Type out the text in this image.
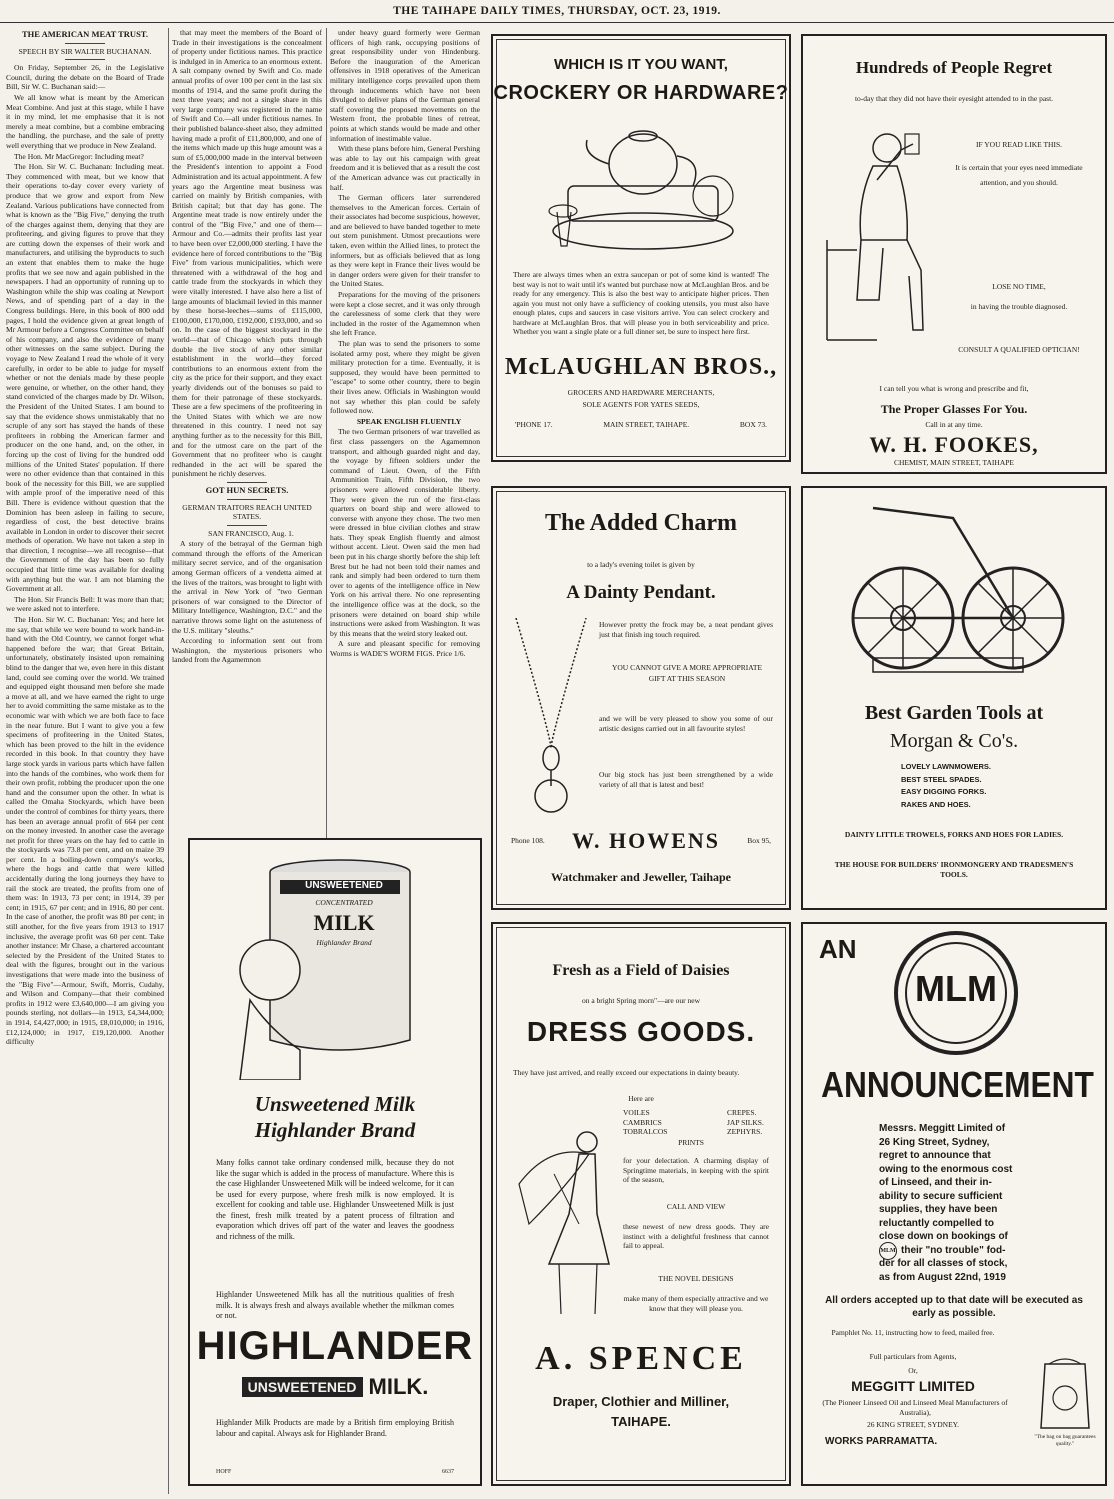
THE TAIHAPE DAILY TIMES, THURSDAY, OCT. 23, 1919.
THE AMERICAN MEAT TRUST.
SPEECH BY SIR WALTER BUCHANAN.

On Friday, September 26, in the Legislative Council, during the debate on the Board of Trade Bill, Sir W. C. Buchanan said:—

We all know what is meant by the American Meat Combine. And just at this stage, while I have it in my mind, let me emphasise that it is not merely a meat combine, but a combine embracing the handling, the purchase, and the sale of pretty well everything that we produce in New Zealand.

The Hon. Mr MacGregor: Including meat?

The Hon. Sir W. C. Buchanan: Including meat. They commenced with meat, but we know that their operations to-day cover every variety of produce that we grow and export from New Zealand. Various publications have connected from what is known as the "Big Five," denying the truth of the charges against them, denying that they are profiteering, and giving figures to prove that they are cutting down the expenses of their work and manufacturers, and utilising the byproducts to such an extent that enables them to make the huge profits that we see now and again published in the newspapers. I had an opportunity of running up to Washington while the ship was coaling at Newport News, and of spending part of a day in the Congress buildings. Here, in this book of 800 odd pages, I hold the evidence given at great length of Mr Armour before a Congress Committee on behalf of his company, and also the evidence of many other witnesses on the same subject. During the voyage to New Zealand I read the whole of it very carefully, in order to be able to judge for myself whether or not the denials made by these people were genuine, or whether, on the other hand, they stand convicted of the charges made by Dr. Wilson, the President of the United States. I am bound to say that the evidence shows unmistakably that no scruple of any sort has stayed the hands of these profiteers in robbing the American farmer and producer on the one hand, and, on the other, in forcing up the cost of living for the hundred odd millions of the United States' population. If there were no other evidence than that contained in this book of the necessity for this Bill, we are supplied with ample proof of the imperative need of this Bill. There is evidence without question that the Dominion has been asleep in failing to secure, regardless of cost, the best detective brains available in London in order to discover their secret methods of operation. We have not taken a step in that direction, I recognise—we all recognise—that the Government of the day has been so fully occupied that little time was available for dealing with anything but the war. I am not blaming the Government at all.

The Hon. Sir Francis Bell: It was more than that; we were asked not to interfere.

The Hon. Sir W. C. Buchanan: Yes; and here let me say, that while we were bound to work hand-in-hand with the Old Country, we cannot forget what happened before the war; that Great Britain, unfortunately, obstinately insisted upon remaining blind to the danger that we, even here in this distant land, could see coming over the world. We trained and equipped eight thousand men before she made a move at all, and we have earned the right to urge her to avoid committing the same mistake as to the economic war with which we are both face to face in the near future. But I want to give you a few specimens of profiteering in the United States, which has been proved to the hilt in the evidence recorded in this book. In that country they have large stock yards in various parts which have fallen into the hands of the combines, who work them for their own profit, robbing the producer upon the one hand and the consumer upon the other. In what is called the Omaha Stockyards, which have been under the control of combines for thirty years, there has been an average annual profit of 664 per cent on the money invested. In another case the average net profit for three years on the hay fed to cattle in the stockyards was 73.8 per cent, and on maize 39 per cent. In a boiling-down company's works, where the hogs and cattle that were killed accidentally during the long journeys they have to rail the stock are treated, the profits from one of them was: In 1913, 73 per cent; in 1914, 39 per cent; in 1915, 67 per cent; and in 1916, 80 per cent. In the case of another, the profit was 80 per cent; in still another, for the five years from 1913 to 1917 inclusive, the average profit was 60 per cent. Take another instance: Mr Chase, a chartered accountant selected by the President of the United States to deal with the figures, brought out in the various investigations that were made into the business of the "Big Five"—Armour, Swift, Morris, Cudahy, and Wilson and Company—that their combined profits in 1912 were £3,640,000—I am giving you pounds sterling, not dollars—in 1913, £4,344,000; in 1914, £4,427,000; in 1915, £8,010,000; in 1916, £12,124,000; in 1917, £19,120,000. Another difficulty

that may meet the members of the Board of Trade in their investigations is the concealment of property under fictitious names. This practice is indulged in in America to an enormous extent. A salt company owned by Swift and Co. made annual profits of over 100 per cent in the last six months of 1914, and the same profit during the next three years; and not a single share in this very large company was registered in the name of Swift and Co.—all under fictitious names. In their published balance-sheet also, they admitted having made a profit of £11,800,000, and one of the items which made up this huge amount was a sum of £5,000,000 made in the interval between the President's intention to appoint a Food Administration and its actual appointment. A few years ago the Argentine meat business was carried on mainly by British companies, with British capital; but that day has gone. The Argentine meat trade is now entirely under the control of the "Big Five," and one of them—Armour and Co.—admits their profits last year to have been over £2,000,000 sterling. I have the evidence here of forced contributions to the "Big Five" from various municipalities, which were threatened with a withdrawal of the hog and cattle trade from the stockyards in which they were vitally interested. I have also here a list of large amounts of blackmail levied in this manner by these horse-leeches—sums of £115,000, £100,000, £170,000, £192,000, £193,000, and so on. In the case of the biggest stockyard in the world—that of Chicago which puts through double the live stock of any other similar establishment in the world—they forced contributions to an enormous extent from the city as the price for their support, and they exact yearly dividends out of the bonuses so paid to them for their patronage of these stockyards. These are a few specimens of the profiteering in the United States with which we are now threatened in this country. I need not say anything further as to the necessity for this Bill, and for the utmost care on the part of the Government that no profiteer who is caught redhanded in the act will be spared the punishment he richly deserves.

GOT HUN SECRETS.
GERMAN TRAITORS REACH UNITED STATES.

SAN FRANCISCO, Aug. 1.

A story of the betrayal of the German high command through the efforts of the American military secret service, and of the organisation among German officers of a vendetta aimed at the lives of the traitors, was brought to light with the arrival in New York of "two German prisoners of war consigned to the Director of Military Intelligence, Washington, D.C." and the narrative throws some light on the astuteness of the U.S. military "sleuths."

According to information sent out from Washington, the mysterious prisoners who landed from the Agamemnon

under heavy guard formerly were German officers of high rank, occupying positions of great responsibility under von Hindenburg. Before the inauguration of the American offensives in 1918 operatives of the American military intelligence corps prevailed upon them through inducements which have not been divulged to deliver plans of the German general staff covering the proposed movements on the Western front, the probable lines of retreat, points at which stands would be made and other information of inestimable value.

With these plans before him, General Pershing was able to lay out his campaign with great freedom and it is believed that as a result the cost of the American advance was cut practically in half.

The German officers later surrendered themselves to the American forces. Certain of their associates had become suspicious, however, and are believed to have banded together to mete out stern punishment. Utmost precautions were taken, even within the Allied lines, to protect the informers, but as officials believed that as long as they were kept in France their lives would be in danger orders were given for their transfer to the United States.

Preparations for the moving of the prisoners were kept a close secret, and it was only through the carelessness of some clerk that they were included in the roster of the Agamemnon when she left France.

The plan was to send the prisoners to some isolated army post, where they might be given military protection for a time. Eventually, it is supposed, they would have been permitted to "escape" to some other country, there to begin their lives anew. Officials in Washington would not say whether this plan could be safely followed now.

SPEAK ENGLISH FLUENTLY

The two German prisoners of war travelled as first class passengers on the Agamemnon transport, and although guarded night and day, the voyage by fifteen soldiers under the command of Lieut. Owen, of the Fifth Ammunition Train, Fifth Division, the two prisoners were allowed considerable liberty. They were given the run of the first-class quarters on board ship and were allowed to converse with anyone they chose. The two men were dressed in blue civilian clothes and straw hats. They speak English fluently and almost without accent. Lieut. Owen said the men had been put in his charge shortly before the ship left Brest but he had not been told their names and rank and simply had been ordered to turn them over to agents of the intelligence office in New York on his arrival there. No one representing the intelligence office was at the dock, so the prisoners were detained on board ship while instructions were asked from Washington. It was by this means that the weird story leaked out.

A sure and pleasant specific for removing Worms is WADE'S WORM FIGS. Price 1/6.

WHICH IS IT YOU WANT,
CROCKERY OR HARDWARE?
There are always times when an extra saucepan or pot of some kind is wanted! The best way is not to wait until it's wanted but purchase now at McLaughlan Bros. and be ready for any emergency. This is also the best way to anticipate higher prices. Then again you must not only have a sufficiency of cooking utensils, you must also have enough plates, cups and saucers in case visitors arrive. You can select crockery and hardware at McLaughlan Bros. that will please you in both serviceability and price. Whether you want a single plate or a full dinner set, be sure to inspect here first.
McLAUGHLAN BROS.,
GROCERS AND HARDWARE MERCHANTS,
SOLE AGENTS FOR YATES SEEDS,
'PHONE 17.	MAIN STREET, TAIHAPE.	BOX 73.
Hundreds of People Regret
to-day that they did not have their eyesight attended to in the past.
IF YOU READ LIKE THIS.
It is certain that your eyes need immediate attention, and you should.
LOSE NO TIME,
in having the trouble diagnosed.
CONSULT A QUALIFIED OPTICIAN!
I can tell you what is wrong and prescribe and fit,
The Proper Glasses For You.
Call in at any time.
W. H. FOOKES,
CHEMIST, MAIN STREET, TAIHAPE
The Added Charm
to a lady's evening toilet is given by
A Dainty Pendant.
However pretty the frock may be, a neat pendant gives just that finish ing touch required.
YOU CANNOT GIVE A MORE APPROPRIATE GIFT AT THIS SEASON
and we will be very pleased to show you some of our artistic designs carried out in all favourite styles!
Our big stock has just been strengthened by a wide variety of all that is latest and best!
Phone 108. W. HOWENS	Box 95,
Watchmaker and Jeweller, Taihape
Best Garden Tools at
Morgan & Co's.
LOVELY LAWNMOWERS.
BEST STEEL SPADES.
EASY DIGGING FORKS.
RAKES AND HOES.
DAINTY LITTLE TROWELS, FORKS AND HOES FOR LADIES.
THE HOUSE FOR BUILDERS' IRONMONGERY AND TRADESMEN'S TOOLS.
UNSWEETENED
CONCENTRATED
MILK
Highlander Brand
Unsweetened Milk
Highlander Brand
Many folks cannot take ordinary condensed milk, because they do not like the sugar which is added in the process of manufacture. Where this is the case Highlander Unsweetened Milk will be indeed welcome, for it can be used for every purpose, where fresh milk is now employed. It is excellent for cooking and table use. Highlander Unsweetened Milk is just the finest, fresh milk treated by a patent process of filtration and evaporation which drives off part of the water and leaves the goodness and richness of the milk.
Highlander Unsweetened Milk has all the nutritious qualities of fresh milk. It is always fresh and always available whether the milkman comes or not.
HIGHLANDER
UNSWEETENED MILK.
Highlander Milk Products are made by a British firm employing British labour and capital. Always ask for Highlander Brand.
HOFF	6637
Fresh as a Field of Daisies
on a bright Spring morn"—are our new
DRESS GOODS.
They have just arrived, and really exceed our expectations in dainty beauty.
Here are
VOILES
CAMBRICS
TOBRALCOS
CREPES.
JAP SILKS.
ZEPHYRS.
PRINTS
for your delectation. A charming display of Springtime materials, in keeping with the spirit of the season,
CALL AND VIEW
these newest of new dress goods. They are instinct with a delightful freshness that cannot fail to appeal.
THE NOVEL DESIGNS
make many of them especially attractive and we know that they will please you.
A. SPENCE
Draper, Clothier and Milliner,
TAIHAPE.
AN
MLM
ANNOUNCEMENT
Messrs. Meggitt Limited of
26 King Street, Sydney,
regret to announce that
owing to the enormous cost
of Linseed, and their in-
ability to secure sufficient
supplies, they have been
reluctantly compelled to
close down on bookings of
their "no trouble" fod-
der for all classes of stock,
as from August 22nd, 1919
MLM
All orders accepted up to that date will be executed as early as possible.
Pamphlet No. 11, instructing how to feed, mailed free.
Full particulars from Agents,
Or,
MEGGITT LIMITED
(The Pioneer Linseed Oil and Linseed Meal Manufacturers of Australia),
26 KING STREET, SYDNEY.
WORKS PARRAMATTA.	"The bag on bag guarantees quality."
